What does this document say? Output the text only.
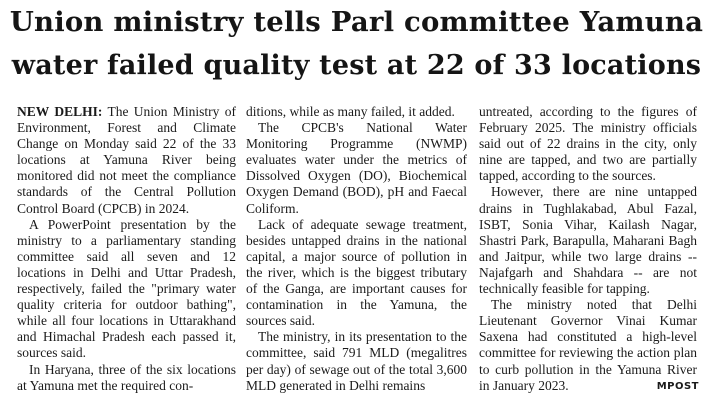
Union ministry tells Parl committee Yamuna
water failed quality test at 22 of 33 locations

NEW DELHI: The Union Ministry of Environment, Forest and Climate Change on Monday said 22 of the 33 locations at Yamuna River being monitored did not meet the compliance standards of the Central Pollution Control Board (CPCB) in 2024.

A PowerPoint presentation by the ministry to a parliamentary standing committee said all seven and 12 locations in Delhi and Uttar Pradesh, respectively, failed the "primary water quality criteria for outdoor bathing", while all four locations in Uttarakhand and Himachal Pradesh each passed it, sources said.

In Haryana, three of the six locations at Yamuna met the required con-

ditions, while as many failed, it added.

The CPCB's National Water Monitoring Programme (NWMP) evaluates water under the metrics of Dissolved Oxygen (DO), Biochemical Oxygen Demand (BOD), pH and Faecal Coliform.

Lack of adequate sewage treatment, besides untapped drains in the national capital, a major source of pollution in the river, which is the biggest tributary of the Ganga, are important causes for contamination in the Yamuna, the sources said.

The ministry, in its presentation to the committee, said 791 MLD (megalitres per day) of sewage out of the total 3,600 MLD generated in Delhi remains

untreated, according to the figures of February 2025. The ministry officials said out of 22 drains in the city, only nine are tapped, and two are partially tapped, according to the sources.

However, there are nine untapped drains in Tughlakabad, Abul Fazal, ISBT, Sonia Vihar, Kailash Nagar, Shastri Park, Barapulla, Maharani Bagh and Jaitpur, while two large drains -- Najafgarh and Shahdara -- are not technically feasible for tapping.

The ministry noted that Delhi Lieutenant Governor Vinai Kumar Saxena had constituted a high-level committee for reviewing the action plan to curb pollution in the Yamuna River in January 2023.	MPOST
